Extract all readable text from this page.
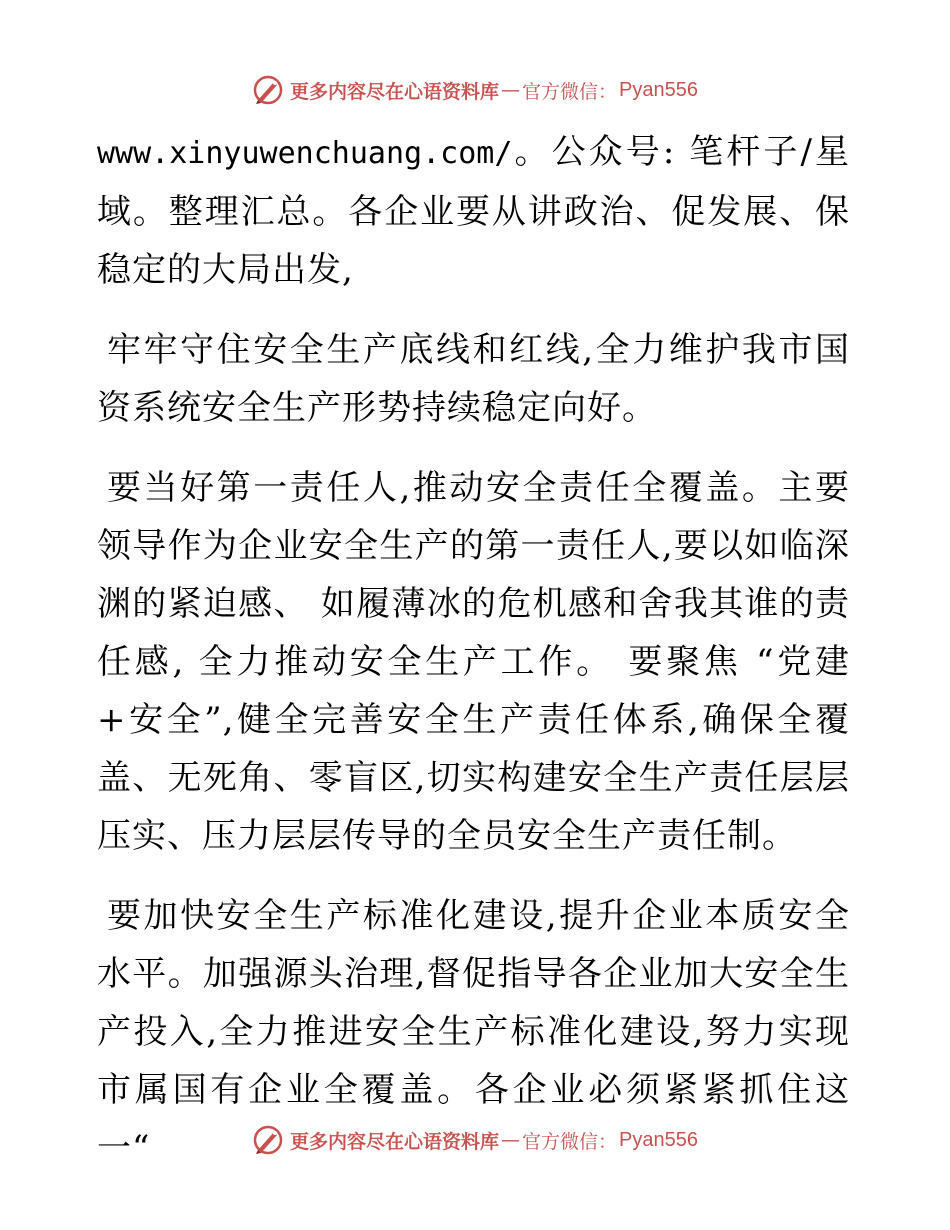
更多内容尽在心语资料库 — 官方微信： Pyan556

www.xinyuwenchuang.com/。公众号: 笔杆子/星域。整理汇总。各企业要从讲政治、促发展、保稳定的大局出发,

牢牢守住安全生产底线和红线,全力维护我市国资系统安全生产形势持续稳定向好。

要当好第一责任人,推动安全责任全覆盖。主要领导作为企业安全生产的第一责任人,要以如临深渊的紧迫感、 如履薄冰的危机感和舍我其谁的责任感, 全力推动安全生产工作。 要聚焦 “党建+安全”,健全完善安全生产责任体系,确保全覆盖、无死角、零盲区,切实构建安全生产责任层层压实、压力层层传导的全员安全生产责任制。

要加快安全生产标准化建设,提升企业本质安全水平。加强源头治理,督促指导各企业加大安全生产投入,全力推进安全生产标准化建设,努力实现市属国有企业全覆盖。各企业必须紧紧抓住这一“	更多内容尽在心语资料库 — 官方微信： Pyan556
